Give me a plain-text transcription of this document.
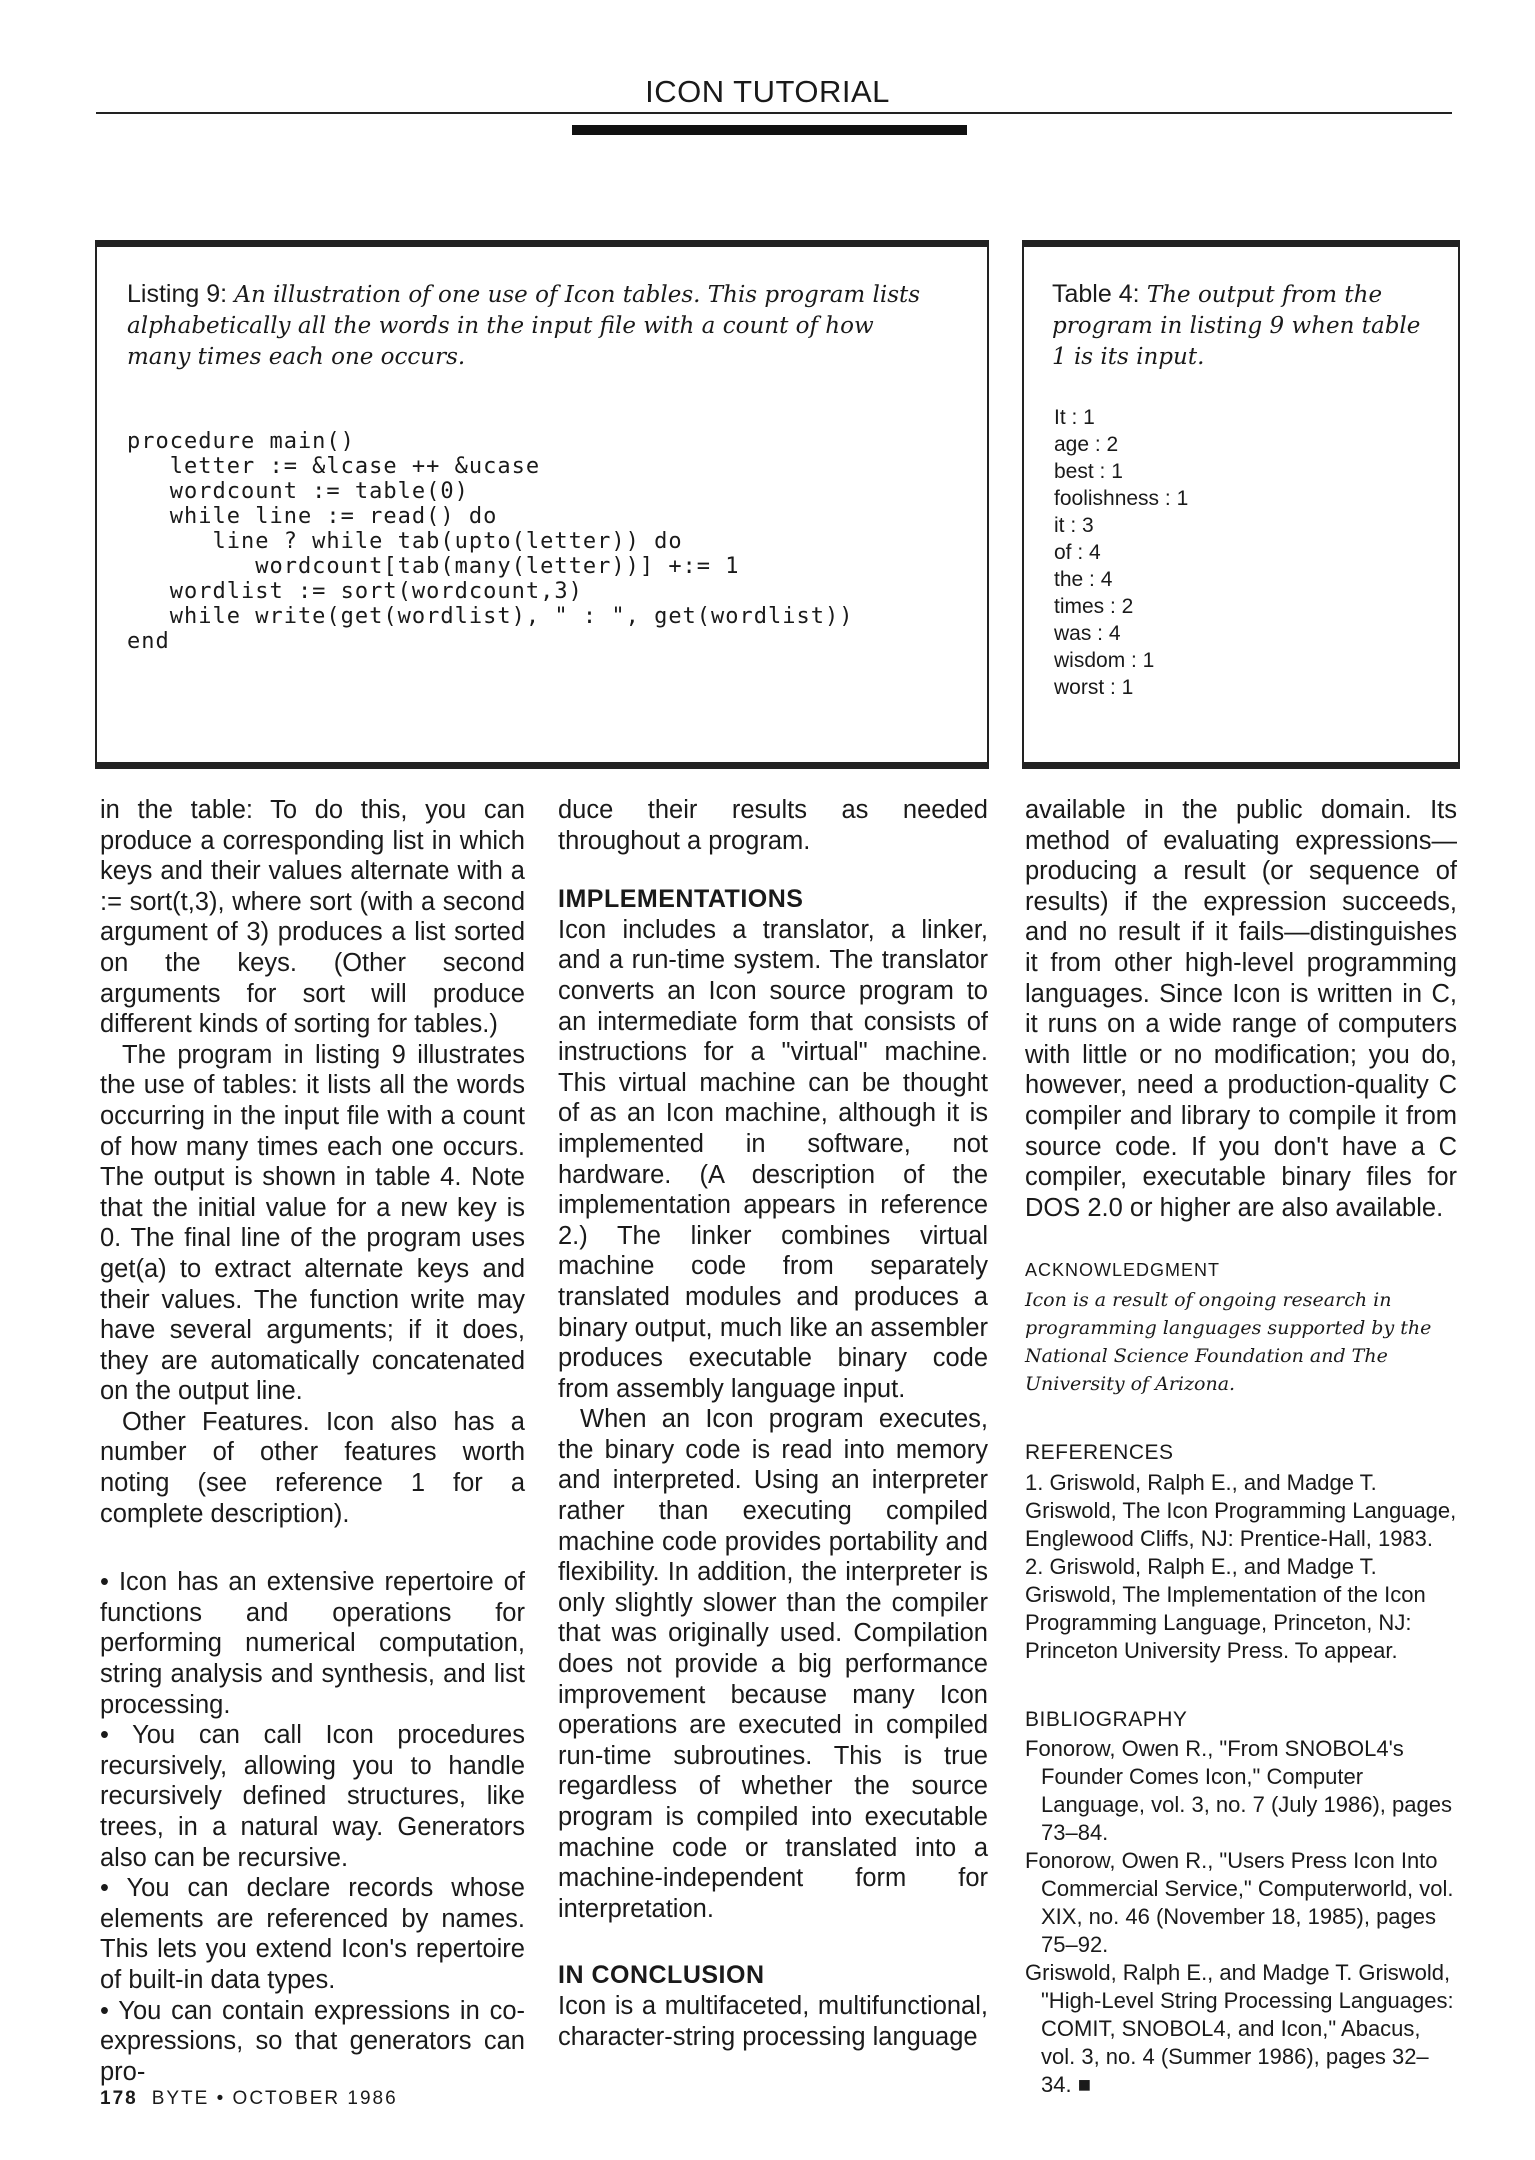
ICON TUTORIAL
Listing 9: An illustration of one use of Icon tables. This program lists alphabetically all the words in the input file with a count of how many times each one occurs.
procedure main()
letter := &lcase ++ &ucase
wordcount := table(0)
while line := read() do
line ? while tab(upto(letter)) do
wordcount[tab(many(letter))] +:= 1
wordlist := sort(wordcount,3)
while write(get(wordlist), " : ", get(wordlist))
end
Table 4: The output from the program in listing 9 when table 1 is its input.
It : 1
age : 2
best : 1
foolishness : 1
it : 3
of : 4
the : 4
times : 2
was : 4
wisdom : 1
worst : 1

in the table: To do this, you can produce a corresponding list in which keys and their values alternate with a := sort(t,3), where sort (with a second argument of 3) produces a list sorted on the keys. (Other second arguments for sort will produce different kinds of sorting for tables.)

The program in listing 9 illustrates the use of tables: it lists all the words occurring in the input file with a count of how many times each one occurs. The output is shown in table 4. Note that the initial value for a new key is 0. The final line of the program uses get(a) to extract alternate keys and their values. The function write may have several arguments; if it does, they are automatically concatenated on the output line.

Other Features. Icon also has a number of other features worth noting (see reference 1 for a complete description).

• Icon has an extensive repertoire of functions and operations for performing numerical computation, string analysis and synthesis, and list processing.

• You can call Icon procedures recursively, allowing you to handle recursively defined structures, like trees, in a natural way. Generators also can be recursive.

• You can declare records whose elements are referenced by names. This lets you extend Icon's repertoire of built-in data types.

• You can contain expressions in co-expressions, so that generators can pro-

duce their results as needed throughout a program.

IMPLEMENTATIONS

Icon includes a translator, a linker, and a run-time system. The translator converts an Icon source program to an intermediate form that consists of instructions for a "virtual" machine. This virtual machine can be thought of as an Icon machine, although it is implemented in software, not hardware. (A description of the implementation appears in reference 2.) The linker combines virtual machine code from separately translated modules and produces a binary output, much like an assembler produces executable binary code from assembly language input.

When an Icon program executes, the binary code is read into memory and interpreted. Using an interpreter rather than executing compiled machine code provides portability and flexibility. In addition, the interpreter is only slightly slower than the compiler that was originally used. Compilation does not provide a big performance improvement because many Icon operations are executed in compiled run-time subroutines. This is true regardless of whether the source program is compiled into executable machine code or translated into a machine-independent form for interpretation.

IN CONCLUSION

Icon is a multifaceted, multifunctional, character-string processing language

available in the public domain. Its method of evaluating expressions—producing a result (or sequence of results) if the expression succeeds, and no result if it fails—distinguishes it from other high-level programming languages. Since Icon is written in C, it runs on a wide range of computers with little or no modification; you do, however, need a production-quality C compiler and library to compile it from source code. If you don't have a C compiler, executable binary files for DOS 2.0 or higher are also available.

ACKNOWLEDGMENT

Icon is a result of ongoing research in programming languages supported by the National Science Foundation and The University of Arizona.

REFERENCES

1. Griswold, Ralph E., and Madge T. Griswold, The Icon Programming Language, Englewood Cliffs, NJ: Prentice-Hall, 1983.

2. Griswold, Ralph E., and Madge T. Griswold, The Implementation of the Icon Programming Language, Princeton, NJ: Princeton University Press. To appear.

BIBLIOGRAPHY

Fonorow, Owen R., "From SNOBOL4's Founder Comes Icon," Computer Language, vol. 3, no. 7 (July 1986), pages 73–84.

Fonorow, Owen R., "Users Press Icon Into Commercial Service," Computerworld, vol. XIX, no. 46 (November 18, 1985), pages 75–92.

Griswold, Ralph E., and Madge T. Griswold, "High-Level String Processing Languages: COMIT, SNOBOL4, and Icon," Abacus, vol. 3, no. 4 (Summer 1986), pages 32–34. ■

178 BYTE • OCTOBER 1986
